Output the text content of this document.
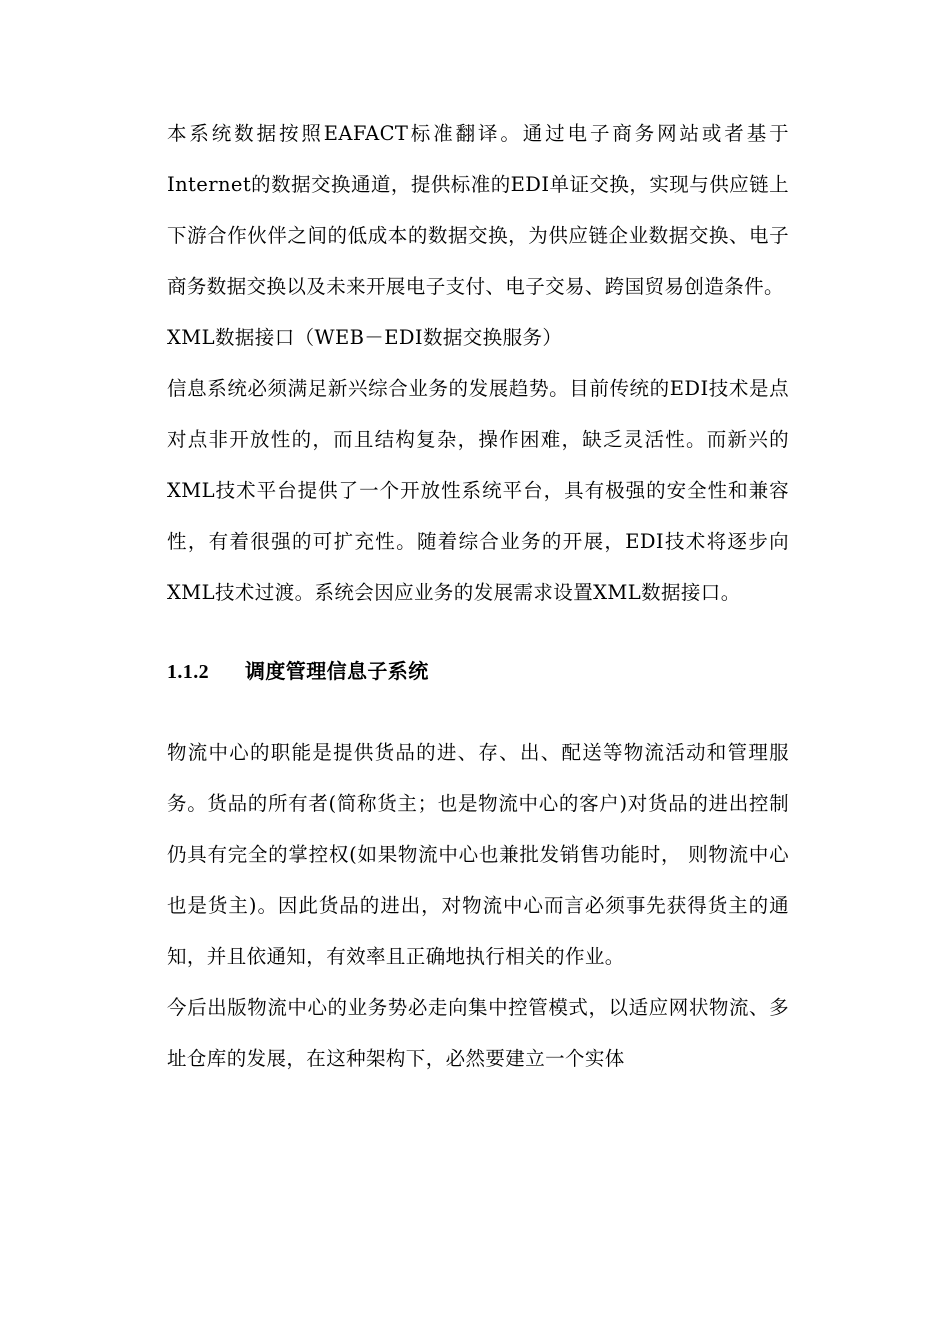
本系统数据按照EAFACT标准翻译。通过电子商务网站或者基于Internet的数据交换通道，提供标准的EDI单证交换，实现与供应链上下游合作伙伴之间的低成本的数据交换，为供应链企业数据交换、电子商务数据交换以及未来开展电子支付、电子交易、跨国贸易创造条件。

XML数据接口（WEB－EDI数据交换服务）

信息系统必须满足新兴综合业务的发展趋势。目前传统的EDI技术是点对点非开放性的，而且结构复杂，操作困难，缺乏灵活性。而新兴的XML技术平台提供了一个开放性系统平台，具有极强的安全性和兼容性，有着很强的可扩充性。随着综合业务的开展，EDI技术将逐步向XML技术过渡。系统会因应业务的发展需求设置XML数据接口。

1.1.2 调度管理信息子系统

物流中心的职能是提供货品的进、存、出、配送等物流活动和管理服务。货品的所有者(简称货主；也是物流中心的客户)对货品的进出控制仍具有完全的掌控权(如果物流中心也兼批发销售功能时， 则物流中心也是货主)。因此货品的进出，对物流中心而言必须事先获得货主的通知，并且依通知，有效率且正确地执行相关的作业。

今后出版物流中心的业务势必走向集中控管模式，以适应网状物流、多址仓库的发展，在这种架构下，必然要建立一个实体
